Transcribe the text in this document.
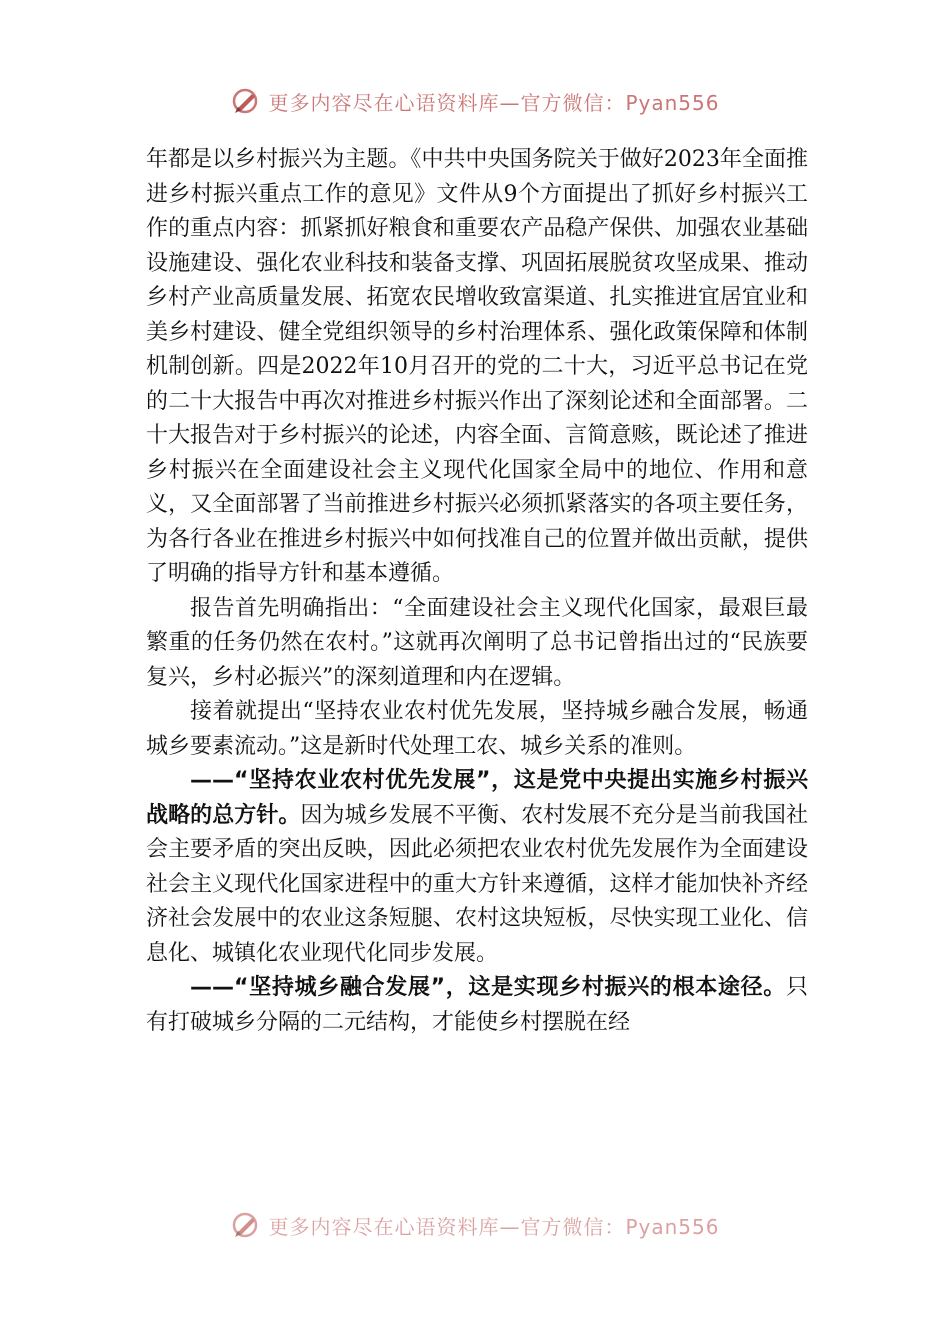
更多内容尽在心语资料库—官方微信：Pyan556

年都是以乡村振兴为主题。《中共中央国务院关于做好2023年全面推进乡村振兴重点工作的意见》文件从9个方面提出了抓好乡村振兴工作的重点内容：抓紧抓好粮食和重要农产品稳产保供、加强农业基础设施建设、强化农业科技和装备支撑、巩固拓展脱贫攻坚成果、推动乡村产业高质量发展、拓宽农民增收致富渠道、扎实推进宜居宜业和美乡村建设、健全党组织领导的乡村治理体系、强化政策保障和体制机制创新。四是2022年10月召开的党的二十大，习近平总书记在党的二十大报告中再次对推进乡村振兴作出了深刻论述和全面部署。二十大报告对于乡村振兴的论述，内容全面、言简意赅，既论述了推进乡村振兴在全面建设社会主义现代化国家全局中的地位、作用和意义，又全面部署了当前推进乡村振兴必须抓紧落实的各项主要任务，为各行各业在推进乡村振兴中如何找准自己的位置并做出贡献，提供了明确的指导方针和基本遵循。

报告首先明确指出：“全面建设社会主义现代化国家，最艰巨最繁重的任务仍然在农村。”这就再次阐明了总书记曾指出过的“民族要复兴，乡村必振兴”的深刻道理和内在逻辑。

接着就提出“坚持农业农村优先发展，坚持城乡融合发展，畅通城乡要素流动。”这是新时代处理工农、城乡关系的准则。

——“坚持农业农村优先发展”，这是党中央提出实施乡村振兴战略的总方针。因为城乡发展不平衡、农村发展不充分是当前我国社会主要矛盾的突出反映，因此必须把农业农村优先发展作为全面建设社会主义现代化国家进程中的重大方针来遵循，这样才能加快补齐经济社会发展中的农业这条短腿、农村这块短板，尽快实现工业化、信息化、城镇化农业现代化同步发展。

——“坚持城乡融合发展”，这是实现乡村振兴的根本途径。只有打破城乡分隔的二元结构，才能使乡村摆脱在经

更多内容尽在心语资料库—官方微信：Pyan556
